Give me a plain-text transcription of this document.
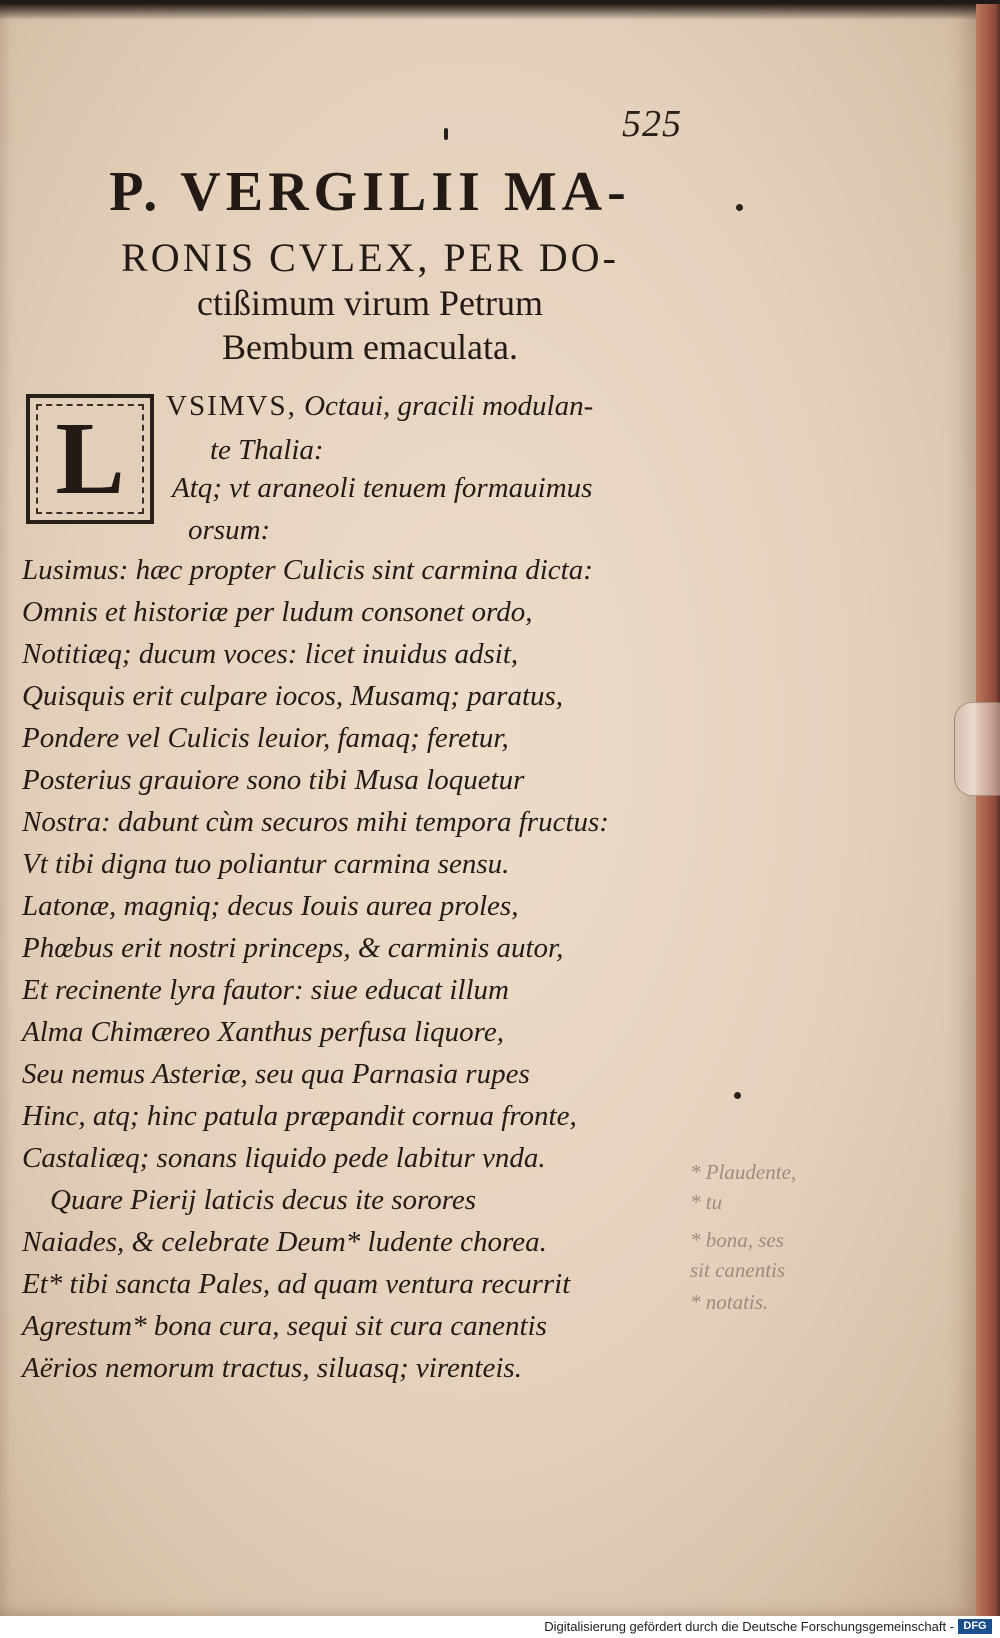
525
P. VERGILII MA-
RONIS CVLEX, PER DO-
ctißimum virum Petrum
Bembum emaculata.
L VSIMVS, Octaui, gracili modulan-
te Thalia:
Atq; vt araneoli tenuem formauimus
orsum:
Lusimus: hæc propter Culicis sint carmina dicta:
Omnis et historiæ per ludum consonet ordo,
Notitiæq; ducum voces: licet inuidus adsit,
Quisquis erit culpare iocos, Musamq; paratus,
Pondere vel Culicis leuior, famaq; feretur,
Posterius grauiore sono tibi Musa loquetur
Nostra: dabunt cùm securos mihi tempora fructus:
Vt tibi digna tuo poliantur carmina sensu.
Latonæ, magniq; decus Iouis aurea proles,
Phœbus erit nostri princeps, & carminis autor,
Et recinente lyra fautor: siue educat illum
Alma Chimæreo Xanthus perfusa liquore,
Seu nemus Asteriæ, seu qua Parnasia rupes
Hinc, atq; hinc patula præpandit cornua fronte,
Castaliæq; sonans liquido pede labitur vnda.
Quare Pierij laticis decus ite sorores
Naiades, & celebrate Deum* ludente chorea.
Et* tibi sancta Pales, ad quam ventura recurrit
Agrestum* bona cura, sequi sit cura canentis
Aërios nemorum tractus, siluasq; virenteis.
* Plaudente,
* tu
* bona, ses
sit canentis
* notatis.
Digitalisierung gefördert durch die Deutsche Forschungsgemeinschaft - DFG
